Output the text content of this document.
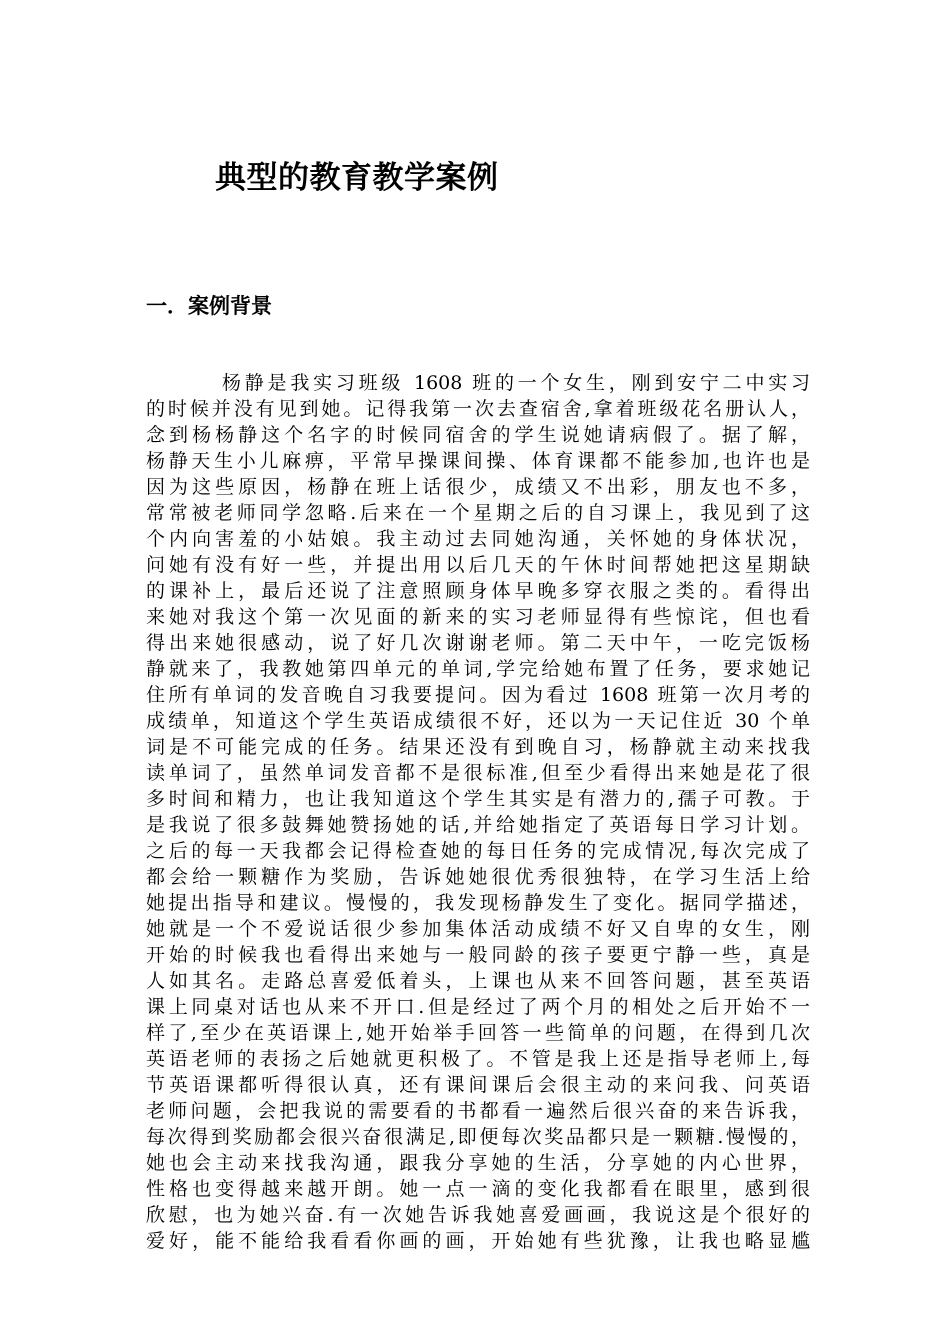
典型的教育教学案例
一．案例背景
杨静是我实习班级 1608 班的一个女生，刚到安宁二中实习
的时候并没有见到她。记得我第一次去查宿舍,拿着班级花名册认人，
念到杨杨静这个名字的时候同宿舍的学生说她请病假了。据了解，
杨静天生小儿麻痹，平常早操课间操、体育课都不能参加,也许也是
因为这些原因，杨静在班上话很少，成绩又不出彩，朋友也不多，
常常被老师同学忽略.后来在一个星期之后的自习课上，我见到了这
个内向害羞的小姑娘。我主动过去同她沟通，关怀她的身体状况，
问她有没有好一些，并提出用以后几天的午休时间帮她把这星期缺
的课补上，最后还说了注意照顾身体早晚多穿衣服之类的。看得出
来她对我这个第一次见面的新来的实习老师显得有些惊诧，但也看
得出来她很感动，说了好几次谢谢老师。第二天中午，一吃完饭杨
静就来了，我教她第四单元的单词,学完给她布置了任务，要求她记
住所有单词的发音晚自习我要提问。因为看过 1608 班第一次月考的
成绩单，知道这个学生英语成绩很不好，还以为一天记住近 30 个单
词是不可能完成的任务。结果还没有到晚自习，杨静就主动来找我
读单词了，虽然单词发音都不是很标准,但至少看得出来她是花了很
多时间和精力，也让我知道这个学生其实是有潜力的,孺子可教。于
是我说了很多鼓舞她赞扬她的话,并给她指定了英语每日学习计划。
之后的每一天我都会记得检查她的每日任务的完成情况,每次完成了
都会给一颗糖作为奖励，告诉她她很优秀很独特，在学习生活上给
她提出指导和建议。慢慢的，我发现杨静发生了变化。据同学描述，
她就是一个不爱说话很少参加集体活动成绩不好又自卑的女生，刚
开始的时候我也看得出来她与一般同龄的孩子要更宁静一些，真是
人如其名。走路总喜爱低着头，上课也从来不回答问题，甚至英语
课上同桌对话也从来不开口.但是经过了两个月的相处之后开始不一
样了,至少在英语课上,她开始举手回答一些简单的问题，在得到几次
英语老师的表扬之后她就更积极了。不管是我上还是指导老师上,每
节英语课都听得很认真，还有课间课后会很主动的来问我、问英语
老师问题，会把我说的需要看的书都看一遍然后很兴奋的来告诉我，
每次得到奖励都会很兴奋很满足,即便每次奖品都只是一颗糖.慢慢的，
她也会主动来找我沟通，跟我分享她的生活，分享她的内心世界，
性格也变得越来越开朗。她一点一滴的变化我都看在眼里，感到很
欣慰，也为她兴奋.有一次她告诉我她喜爱画画，我说这是个很好的
爱好，能不能给我看看你画的画，开始她有些犹豫，让我也略显尴
